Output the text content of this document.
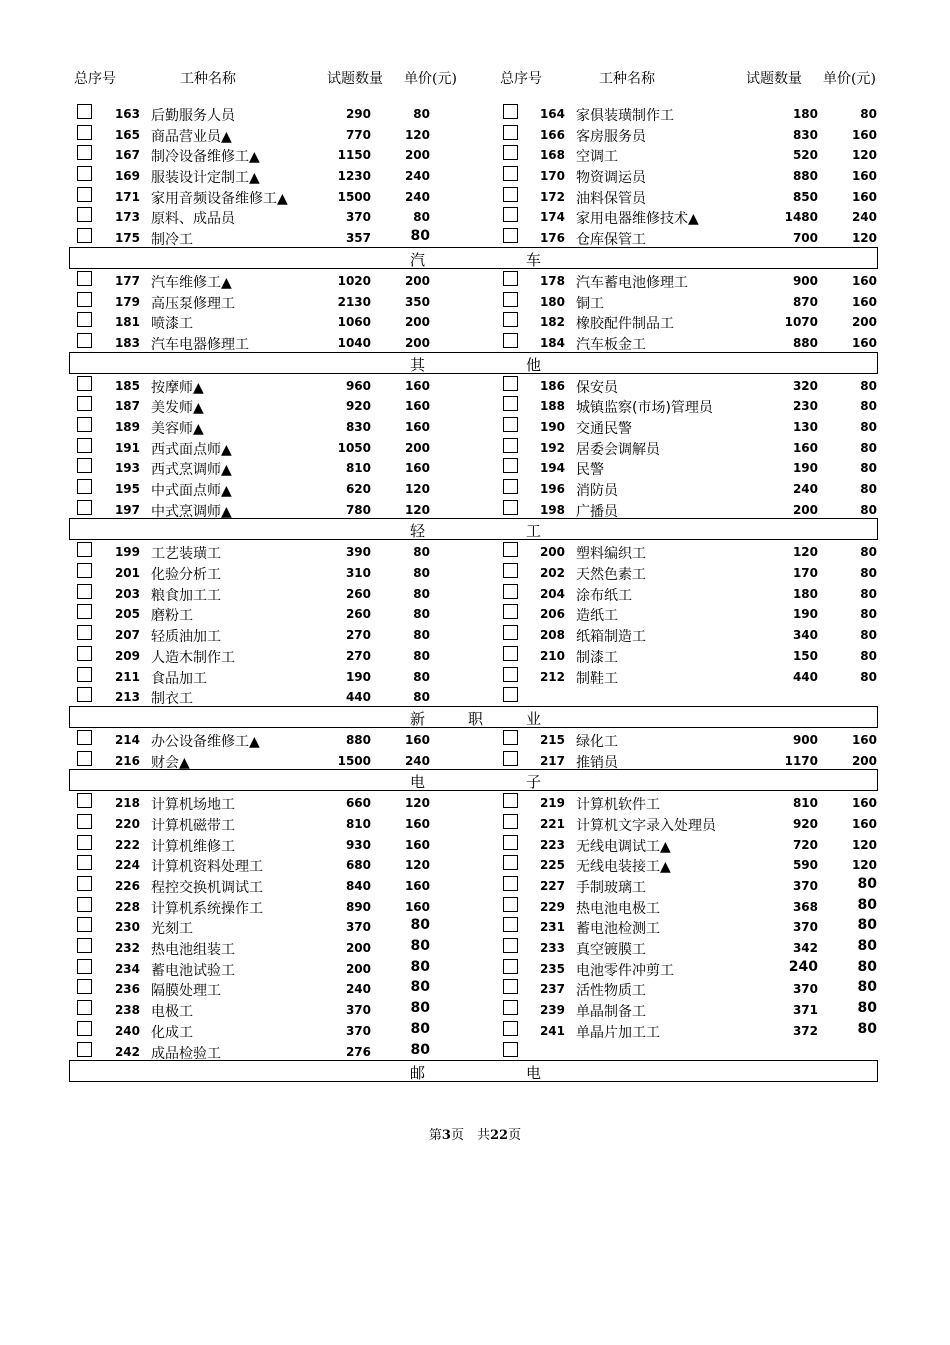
总序号	工种名称	试题数量 单价(元)	总序号	工种名称	试题数量 单价(元)
163 后勤服务人员	290	80	164 家俱装璜制作工	180	80
165 商品营业员▲	770	120	166 客房服务员	830	160
167 制冷设备维修工▲	1150	200	168 空调工	520	120
169 服装设计定制工▲	1230	240	170 物资调运员	880	160
171 家用音频设备维修工▲	1500	240	172 油料保管员	850	160
173 原料、成品员	370	80	174 家用电器维修技术▲	1480	240
175 制冷工	357	80	176 仓库保管工	700	120
汽	车
177 汽车维修工▲	1020	200	178 汽车蓄电池修理工	900	160
179 高压泵修理工	2130	350	180 铜工	870	160
181 喷漆工	1060	200	182 橡胶配件制品工	1070	200
183 汽车电器修理工	1040	200	184 汽车板金工	880	160
其	他
185 按摩师▲	960	160	186 保安员	320	80
187 美发师▲	920	160	188 城镇监察(市场)管理员	230	80
189 美容师▲	830	160	190 交通民警	130	80
191 西式面点师▲	1050	200	192 居委会调解员	160	80
193 西式烹调师▲	810	160	194 民警	190	80
195 中式面点师▲	620	120	196 消防员	240	80
197 中式烹调师▲	780	120	198 广播员	200	80
轻	工
199 工艺装璜工	390	80	200 塑料编织工	120	80
201 化验分析工	310	80	202 天然色素工	170	80
203 粮食加工工	260	80	204 涂布纸工	180	80
205 磨粉工	260	80	206 造纸工	190	80
207 轻质油加工	270	80	208 纸箱制造工	340	80
209 人造木制作工	270	80	210 制漆工	150	80
211 食品加工	190	80	212 制鞋工	440	80
213 制衣工	440	80
新	职	业
214 办公设备维修工▲	880	160	215 绿化工	900	160
216 财会▲	1500	240	217 推销员	1170	200
电	子
218 计算机场地工	660	120	219 计算机软件工	810	160
220 计算机磁带工	810	160	221 计算机文字录入处理员	920	160
222 计算机维修工	930	160	223 无线电调试工▲	720	120
224 计算机资料处理工	680	120	225 无线电装接工▲	590	120
226 程控交换机调试工	840	160	227 手制玻璃工	370	80
228 计算机系统操作工	890	160	229 热电池电极工	368	80
230 光刻工	370	80	231 蓄电池检测工	370	80
232 热电池组装工	200	80	233 真空镀膜工	342	80
234 蓄电池试验工	200	80	235 电池零件冲剪工	240	80
236 隔膜处理工	240	80	237 活性物质工	370	80
238 电极工	370	80	239 单晶制备工	371	80
240 化成工	370	80	241 单晶片加工工	372	80
242 成品检验工	276	80
邮	电
第3页　共22页
